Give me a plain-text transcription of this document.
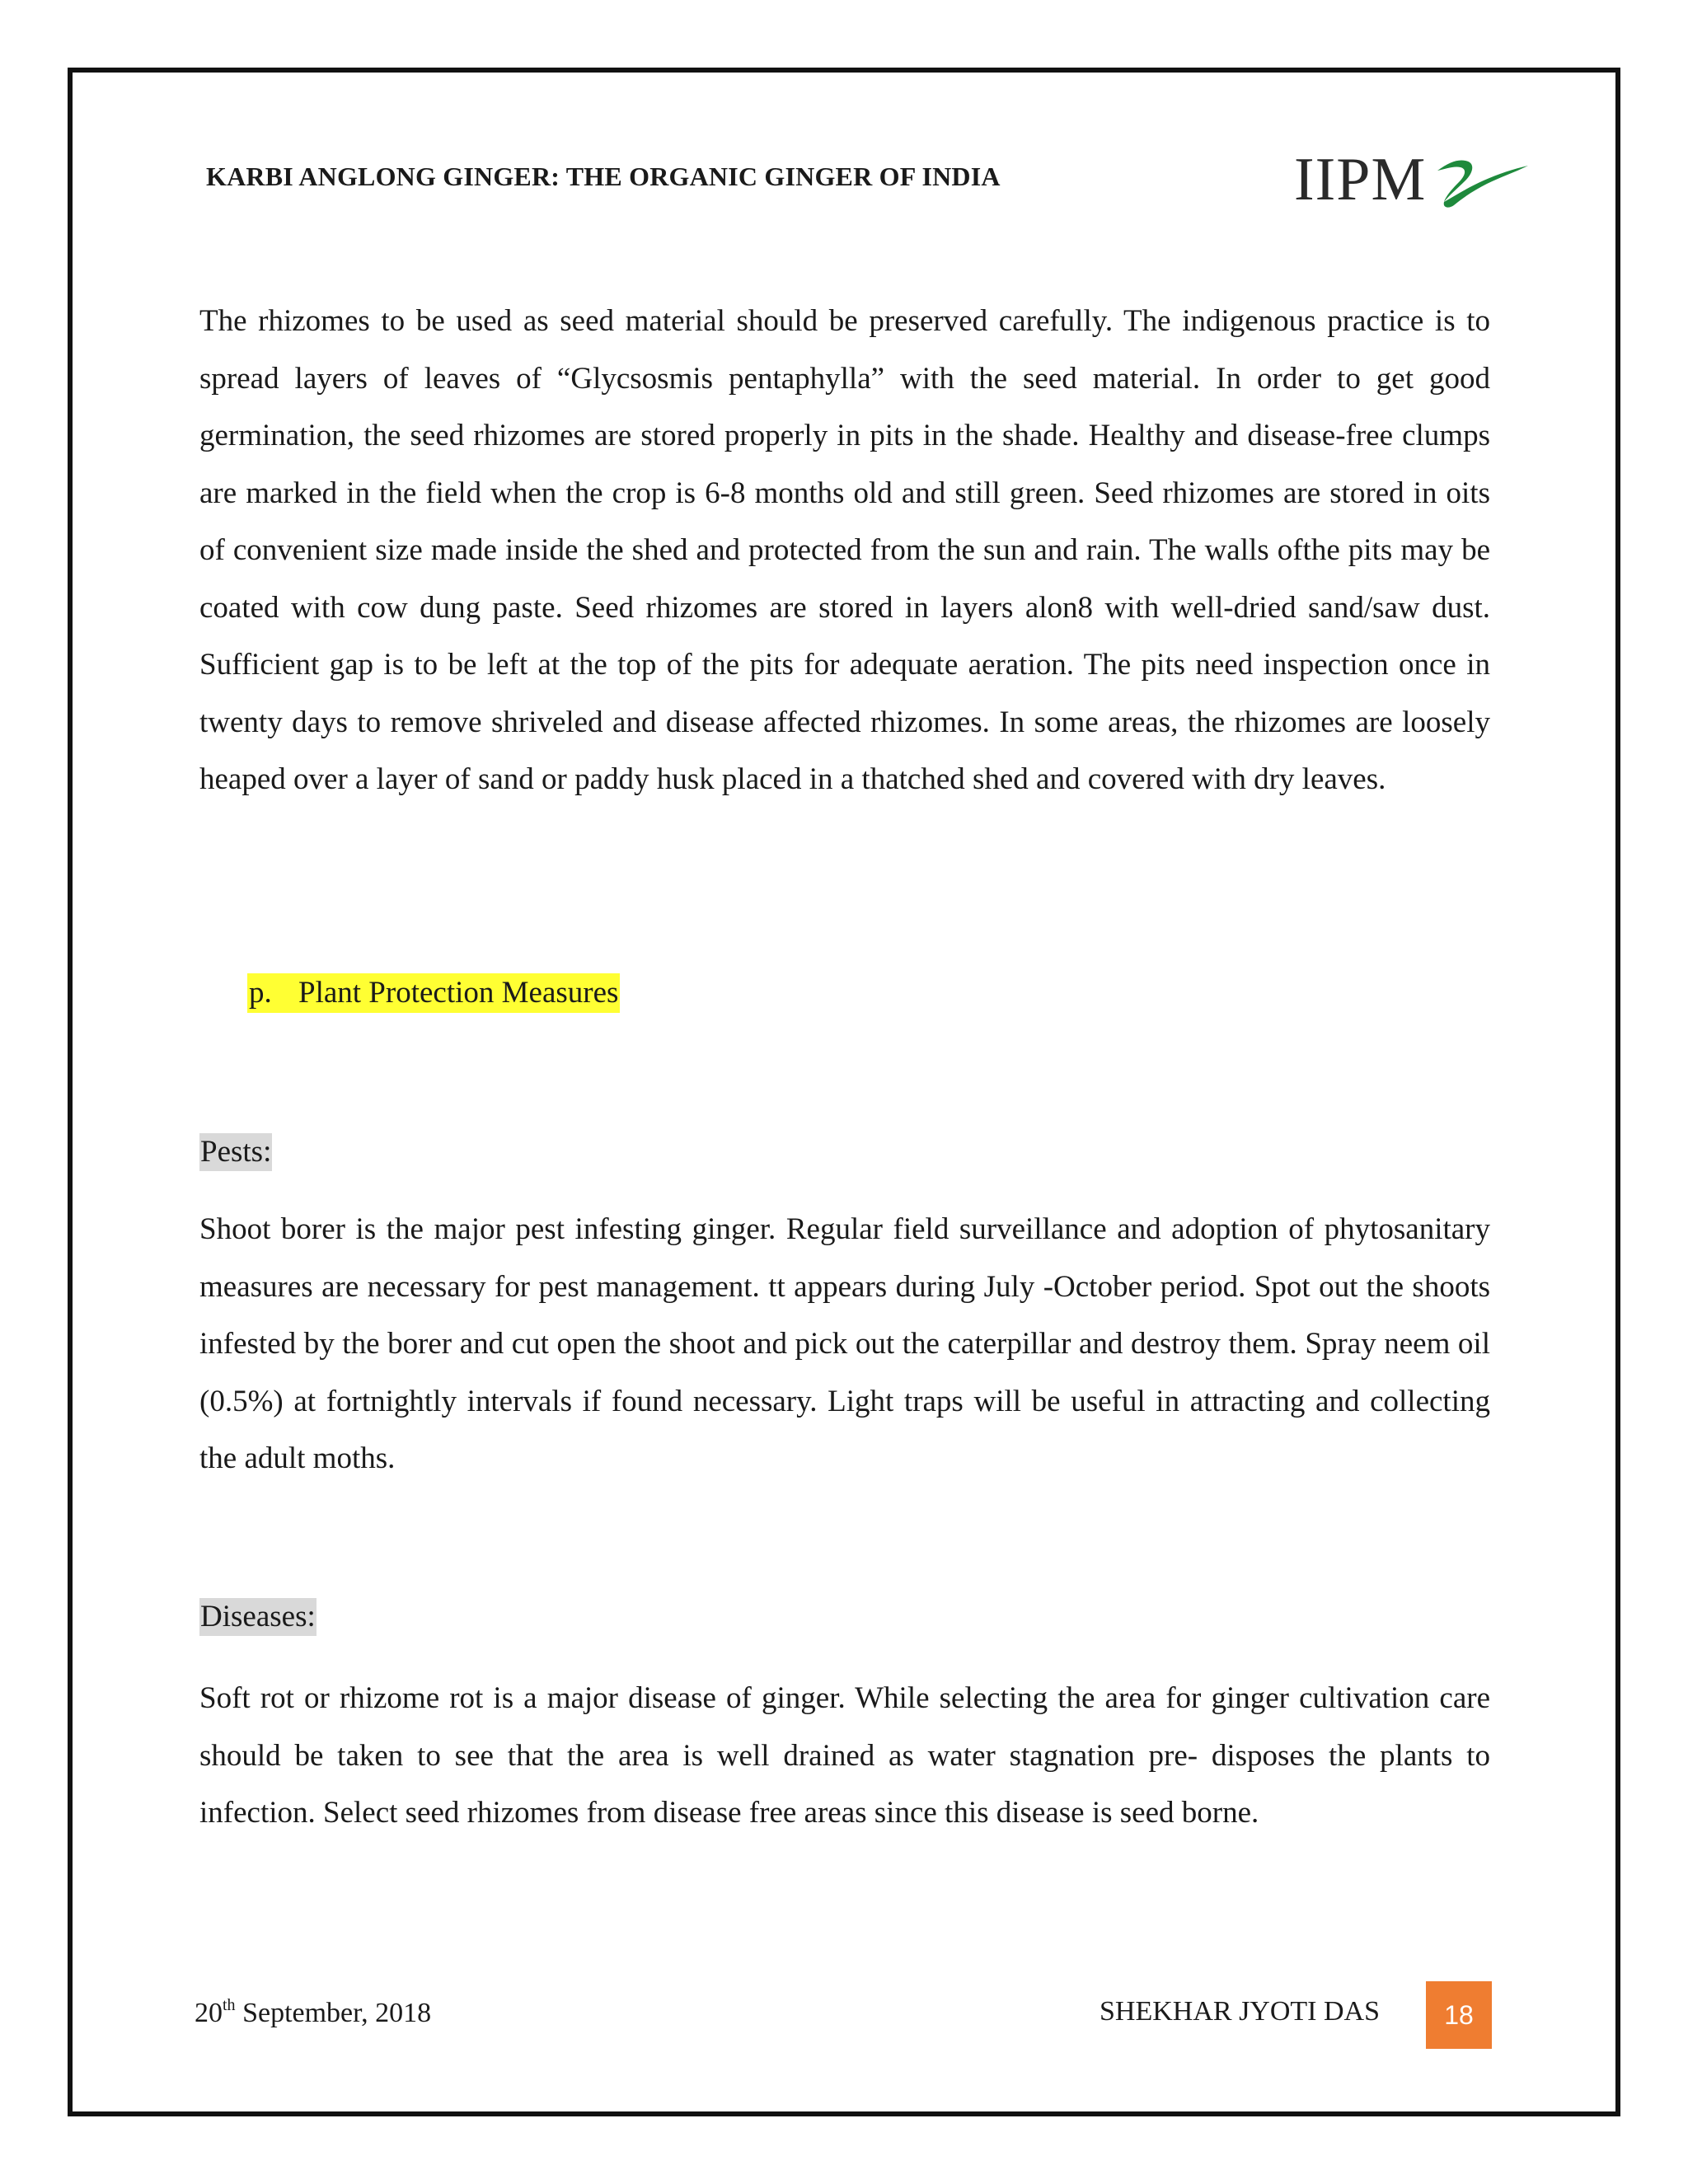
KARBI ANGLONG GINGER: THE ORGANIC GINGER OF INDIA	IIPM

The rhizomes to be used as seed material should be preserved carefully. The indigenous practice is to spread layers of leaves of “Glycsosmis pentaphylla” with the seed material. In order to get good germination, the seed rhizomes are stored properly in pits in the shade. Healthy and disease-free clumps are marked in the field when the crop is 6-8 months old and still green. Seed rhizomes are stored in oits of convenient size made inside the shed and protected from the sun and rain. The walls ofthe pits may be coated with cow dung paste. Seed rhizomes are stored in layers alon8 with well-dried sand/saw dust. Sufficient gap is to be left at the top of the pits for adequate aeration. The pits need inspection once in twenty days to remove shriveled and disease affected rhizomes. In some areas, the rhizomes are loosely heaped over a layer of sand or paddy husk placed in a thatched shed and covered with dry leaves.

p. Plant Protection Measures
Pests:

Shoot borer is the major pest infesting ginger. Regular field surveillance and adoption of phytosanitary measures are necessary for pest management. tt appears during July -October period. Spot out the shoots infested by the borer and cut open the shoot and pick out the caterpillar and destroy them. Spray neem oil (0.5%) at fortnightly intervals if found necessary. Light traps will be useful in attracting and collecting the adult moths.

Diseases:

Soft rot or rhizome rot is a major disease of ginger. While selecting the area for ginger cultivation care should be taken to see that the area is well drained as water stagnation pre- disposes the plants to infection. Select seed rhizomes from disease free areas since this disease is seed borne.

20th September, 2018	SHEKHAR JYOTI DAS	18
